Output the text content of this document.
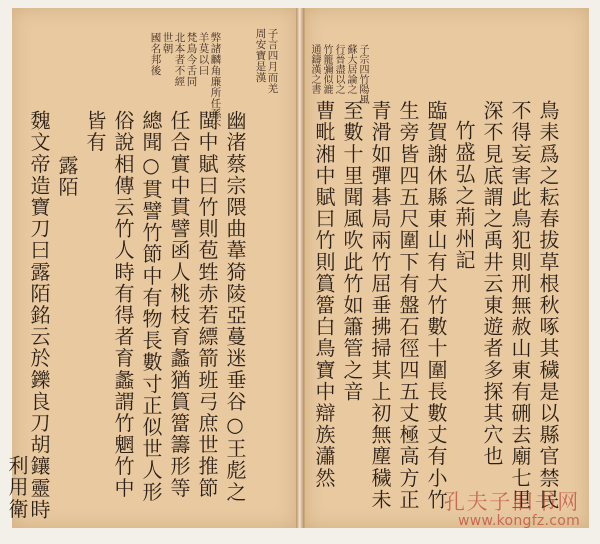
子言四月而羌
周安寶是漢
弊諸麟角廉所任孫不
羊莫以曰
梵鳥今舌同
北本者不經
世朝
國名邦後
幽渚蔡宗隈曲葦猗陵亞蔓迷垂谷○王彪之
閩中賦曰竹則苞甡赤若縹箭班弓庶世推節
任合實中貫譬函人桃枝育蠡猶篔簹籌形等
總聞○貫譬竹節中有物長數寸正似世人形
俗說相傳云竹人時有得者育蠡謂竹魍竹中
皆有
露陌
魏文帝造寶刀曰露陌銘云於鑠良刀胡鑲靈時
利用衛
子宗四竹陽風
蘇大居論之
行晉盡以之
竹籠彌似漉
通鑄漢之書
鳥耒爲之耘春拔草根秋啄其穢是以縣官禁民
不得妄害此鳥犯則刑無赦山東有硎去廟七里
深不見底謂之禹井云東遊者多探其穴也
竹盛弘之荊州記
臨賀謝休縣東山有大竹數十圍長數丈有小竹
生旁皆四五尺圍下有盤石徑四五丈極高方正
青滑如彈碁局兩竹屈垂拂掃其上初無塵穢未
至數十里聞風吹此竹如簫管之音
曹毗湘中賦曰竹則篔簹白鳥寶中辯族瀟然
孔夫子旧书网
www.kongfz.com
